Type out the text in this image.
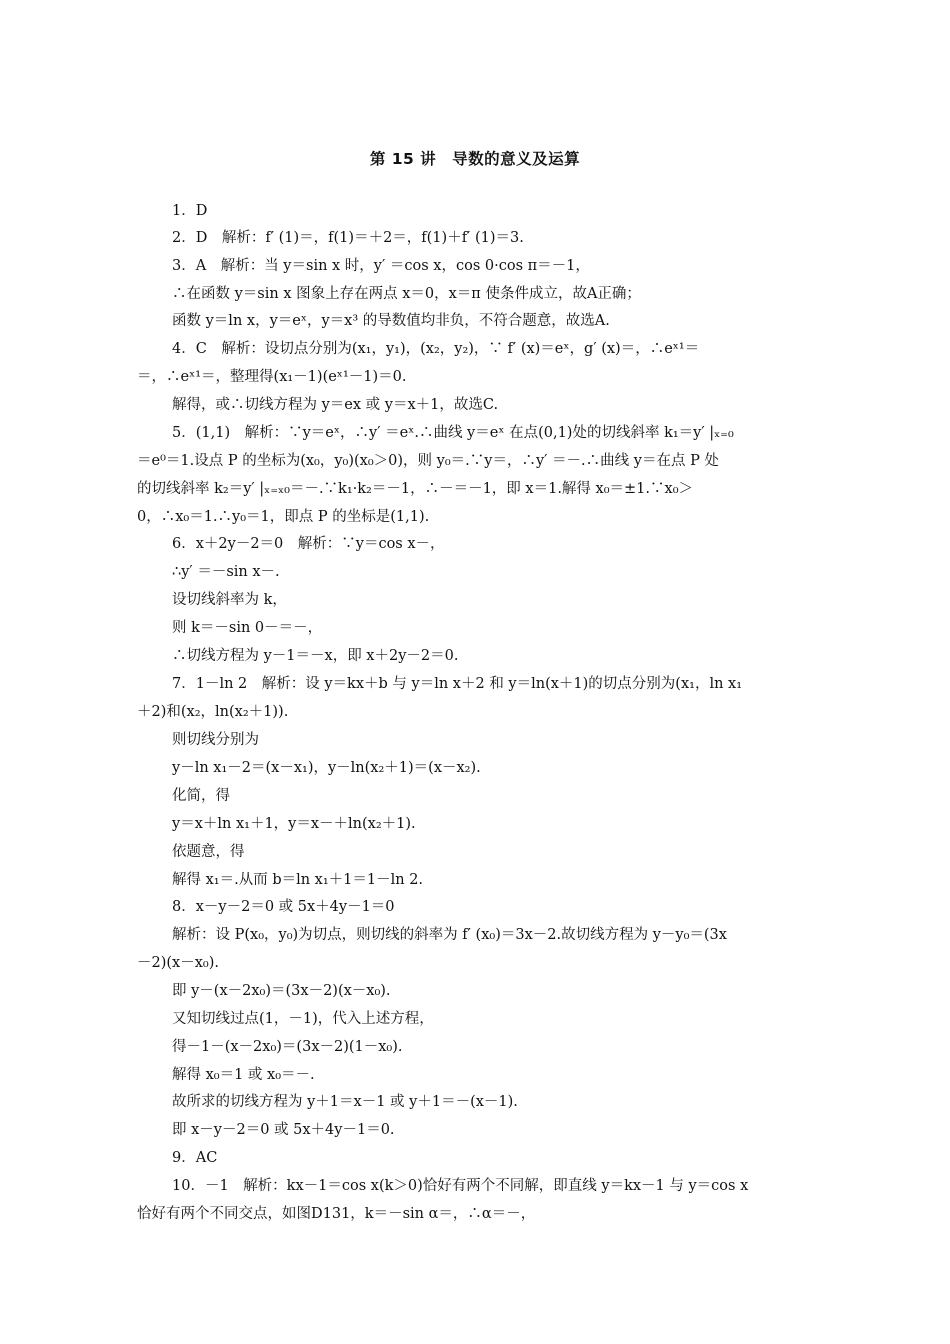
第 15 讲　导数的意义及运算
1．D
2．D　解析：f′ (1)＝，f(1)＝＋2＝，f(1)＋f′ (1)＝3.
3．A　解析：当 y＝sin x 时，y′ ＝cos x，cos 0·cos π＝－1，
∴在函数 y＝sin x 图象上存在两点 x＝0，x＝π 使条件成立，故A正确；
函数 y＝ln x，y＝eˣ，y＝x³ 的导数值均非负，不符合题意，故选A.
4．C　解析：设切点分别为(x₁，y₁)，(x₂，y₂)，∵ f′ (x)＝eˣ，g′ (x)＝，∴eˣ¹＝
＝，∴eˣ¹＝，整理得(x₁－1)(eˣ¹－1)＝0.
解得，或∴切线方程为 y＝ex 或 y＝x＋1，故选C.
5．(1,1)　解析：∵y＝eˣ，∴y′ ＝eˣ.∴曲线 y＝eˣ 在点(0,1)处的切线斜率 k₁＝y′ |ₓ₌₀
＝e⁰＝1.设点 P 的坐标为(x₀，y₀)(x₀＞0)，则 y₀＝.∵y＝，∴y′ ＝－.∴曲线 y＝在点 P 处
的切线斜率 k₂＝y′ |ₓ₌ₓ₀＝－.∵k₁·k₂＝－1，∴－＝－1，即 x＝1.解得 x₀＝±1.∵x₀＞
0，∴x₀＝1.∴y₀＝1，即点 P 的坐标是(1,1).
6．x＋2y－2＝0　解析：∵y＝cos x－，
∴y′ ＝－sin x－.
设切线斜率为 k，
则 k＝－sin 0－＝－，
∴切线方程为 y－1＝－x，即 x＋2y－2＝0.
7．1－ln 2　解析：设 y＝kx＋b 与 y＝ln x＋2 和 y＝ln(x＋1)的切点分别为(x₁，ln x₁
＋2)和(x₂，ln(x₂＋1)).
则切线分别为
y－ln x₁－2＝(x－x₁)，y－ln(x₂＋1)＝(x－x₂).
化简，得
y＝x＋ln x₁＋1，y＝x－＋ln(x₂＋1).
依题意，得
解得 x₁＝.从而 b＝ln x₁＋1＝1－ln 2.
8．x－y－2＝0 或 5x＋4y－1＝0
解析：设 P(x₀，y₀)为切点，则切线的斜率为 f′ (x₀)＝3x－2.故切线方程为 y－y₀＝(3x
－2)(x－x₀).
即 y－(x－2x₀)＝(3x－2)(x－x₀).
又知切线过点(1，－1)，代入上述方程，
得－1－(x－2x₀)＝(3x－2)(1－x₀).
解得 x₀＝1 或 x₀＝－.
故所求的切线方程为 y＋1＝x－1 或 y＋1＝－(x－1).
即 x－y－2＝0 或 5x＋4y－1＝0.
9．AC
10．－1　解析：kx－1＝cos x(k＞0)恰好有两个不同解，即直线 y＝kx－1 与 y＝cos x
恰好有两个不同交点，如图D131，k＝－sin α＝，∴α＝－，
